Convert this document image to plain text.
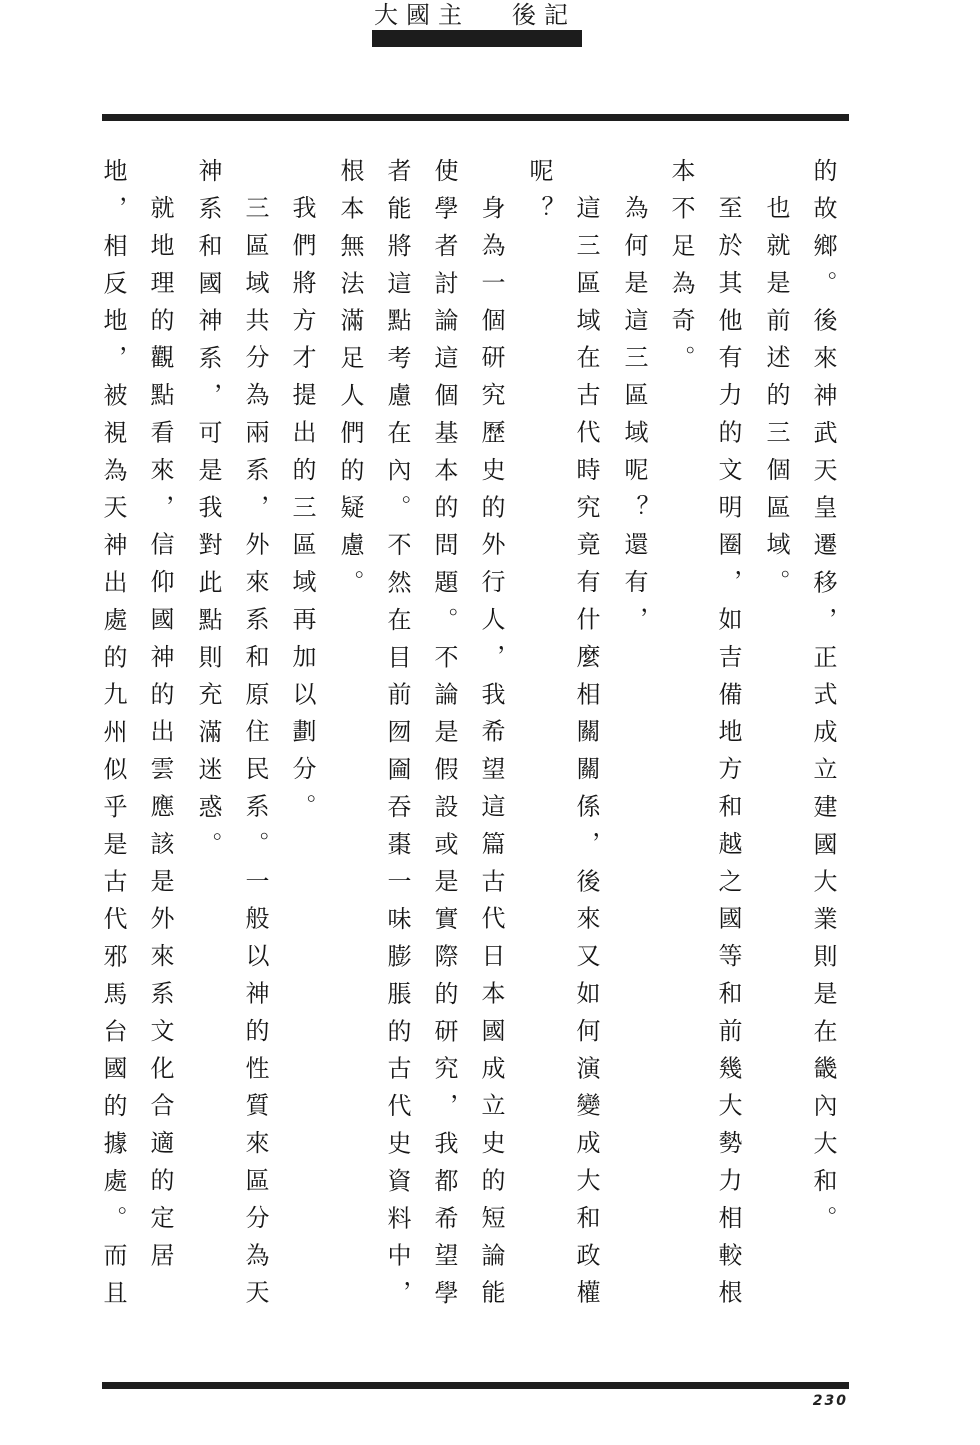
大國主 後記
的故鄉。後來神武天皇遷移，正式成立建國大業則是在畿內大和。
也就是前述的三個區域。
至於其他有力的文明圈，如吉備地方和越之國等和前幾大勢力相較根
本不足為奇。
為何是這三區域呢？還有，
這三區域在古代時究竟有什麼相關關係，後來又如何演變成大和政權
呢？
身為一個研究歷史的外行人，我希望這篇古代日本國成立史的短論能
使學者討論這個基本的問題。不論是假設或是實際的研究，我都希望學
者能將這點考慮在內。不然在目前囫圇吞棗一味膨脹的古代史資料中，
根本無法滿足人們的疑慮。
我們將方才提出的三區域再加以劃分。
三區域共分為兩系，外來系和原住民系。一般以神的性質來區分為天
神系和國神系，可是我對此點則充滿迷惑。
就地理的觀點看來，信仰國神的出雲應該是外來系文化合適的定居
地，相反地，被視為天神出處的九州似乎是古代邪馬台國的據處。而且
230
